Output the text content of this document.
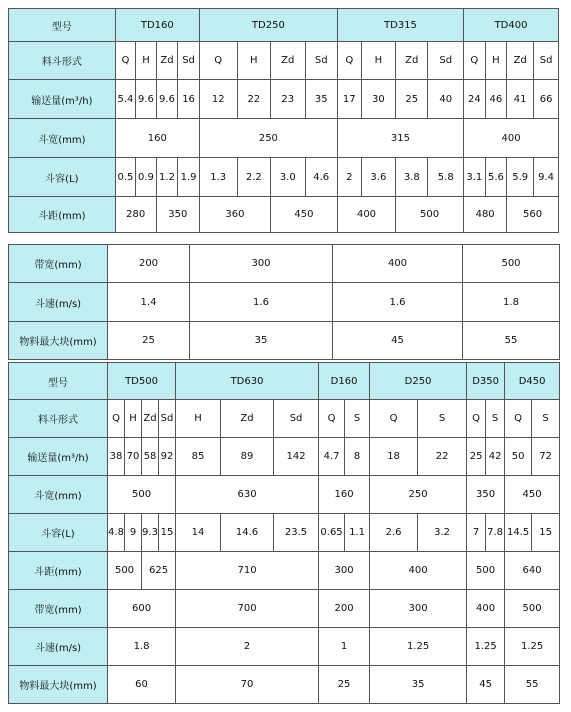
型号	TD160				TD250				TD315				TD400			
料斗形式	Q	H	Zd	Sd	Q	H	Zd	Sd	Q	H	Zd	Sd	Q	H	Zd	Sd
输送量(m³/h)	5.4	9.6	9.6	16	12	22	23	35	17	30	25	40	24	46	41	66
斗宽(mm)	160				250				315				400			
斗容(L)	0.5	0.9	1.2	1.9	1.3	2.2	3.0	4.6	2	3.6	3.8	5.8	3.1	5.6	5.9	9.4
斗距(mm)	280		350		360		450		400		500		480		560	
带宽(mm)	200	300	400	500
斗速(m/s)	1.4	1.6	1.6	1.8
物料最大块(mm)	25	35	45	55
型号	TD500				TD630			D160		D250		D350		D450	
料斗形式	Q	H	Zd	Sd	H	Zd	Sd	Q	S	Q	S	Q	S	Q	S
输送量(m³/h)	38	70	58	92	85	89	142	4.7	8	18	22	25	42	50	72
斗宽(mm)	500				630			160		250		350		450	
斗容(L)	4.8	9	9.3	15	14	14.6	23.5	0.65	1.1	2.6	3.2	7	7.8	14.5	15
斗距(mm)	500		625		710			300		400		500		640	
带宽(mm)	600				700			200		300		400		500	
斗速(m/s)	1.8				2			1		1.25		1.25		1.25	
物料最大块(mm)	60				70			25		35		45		55	
